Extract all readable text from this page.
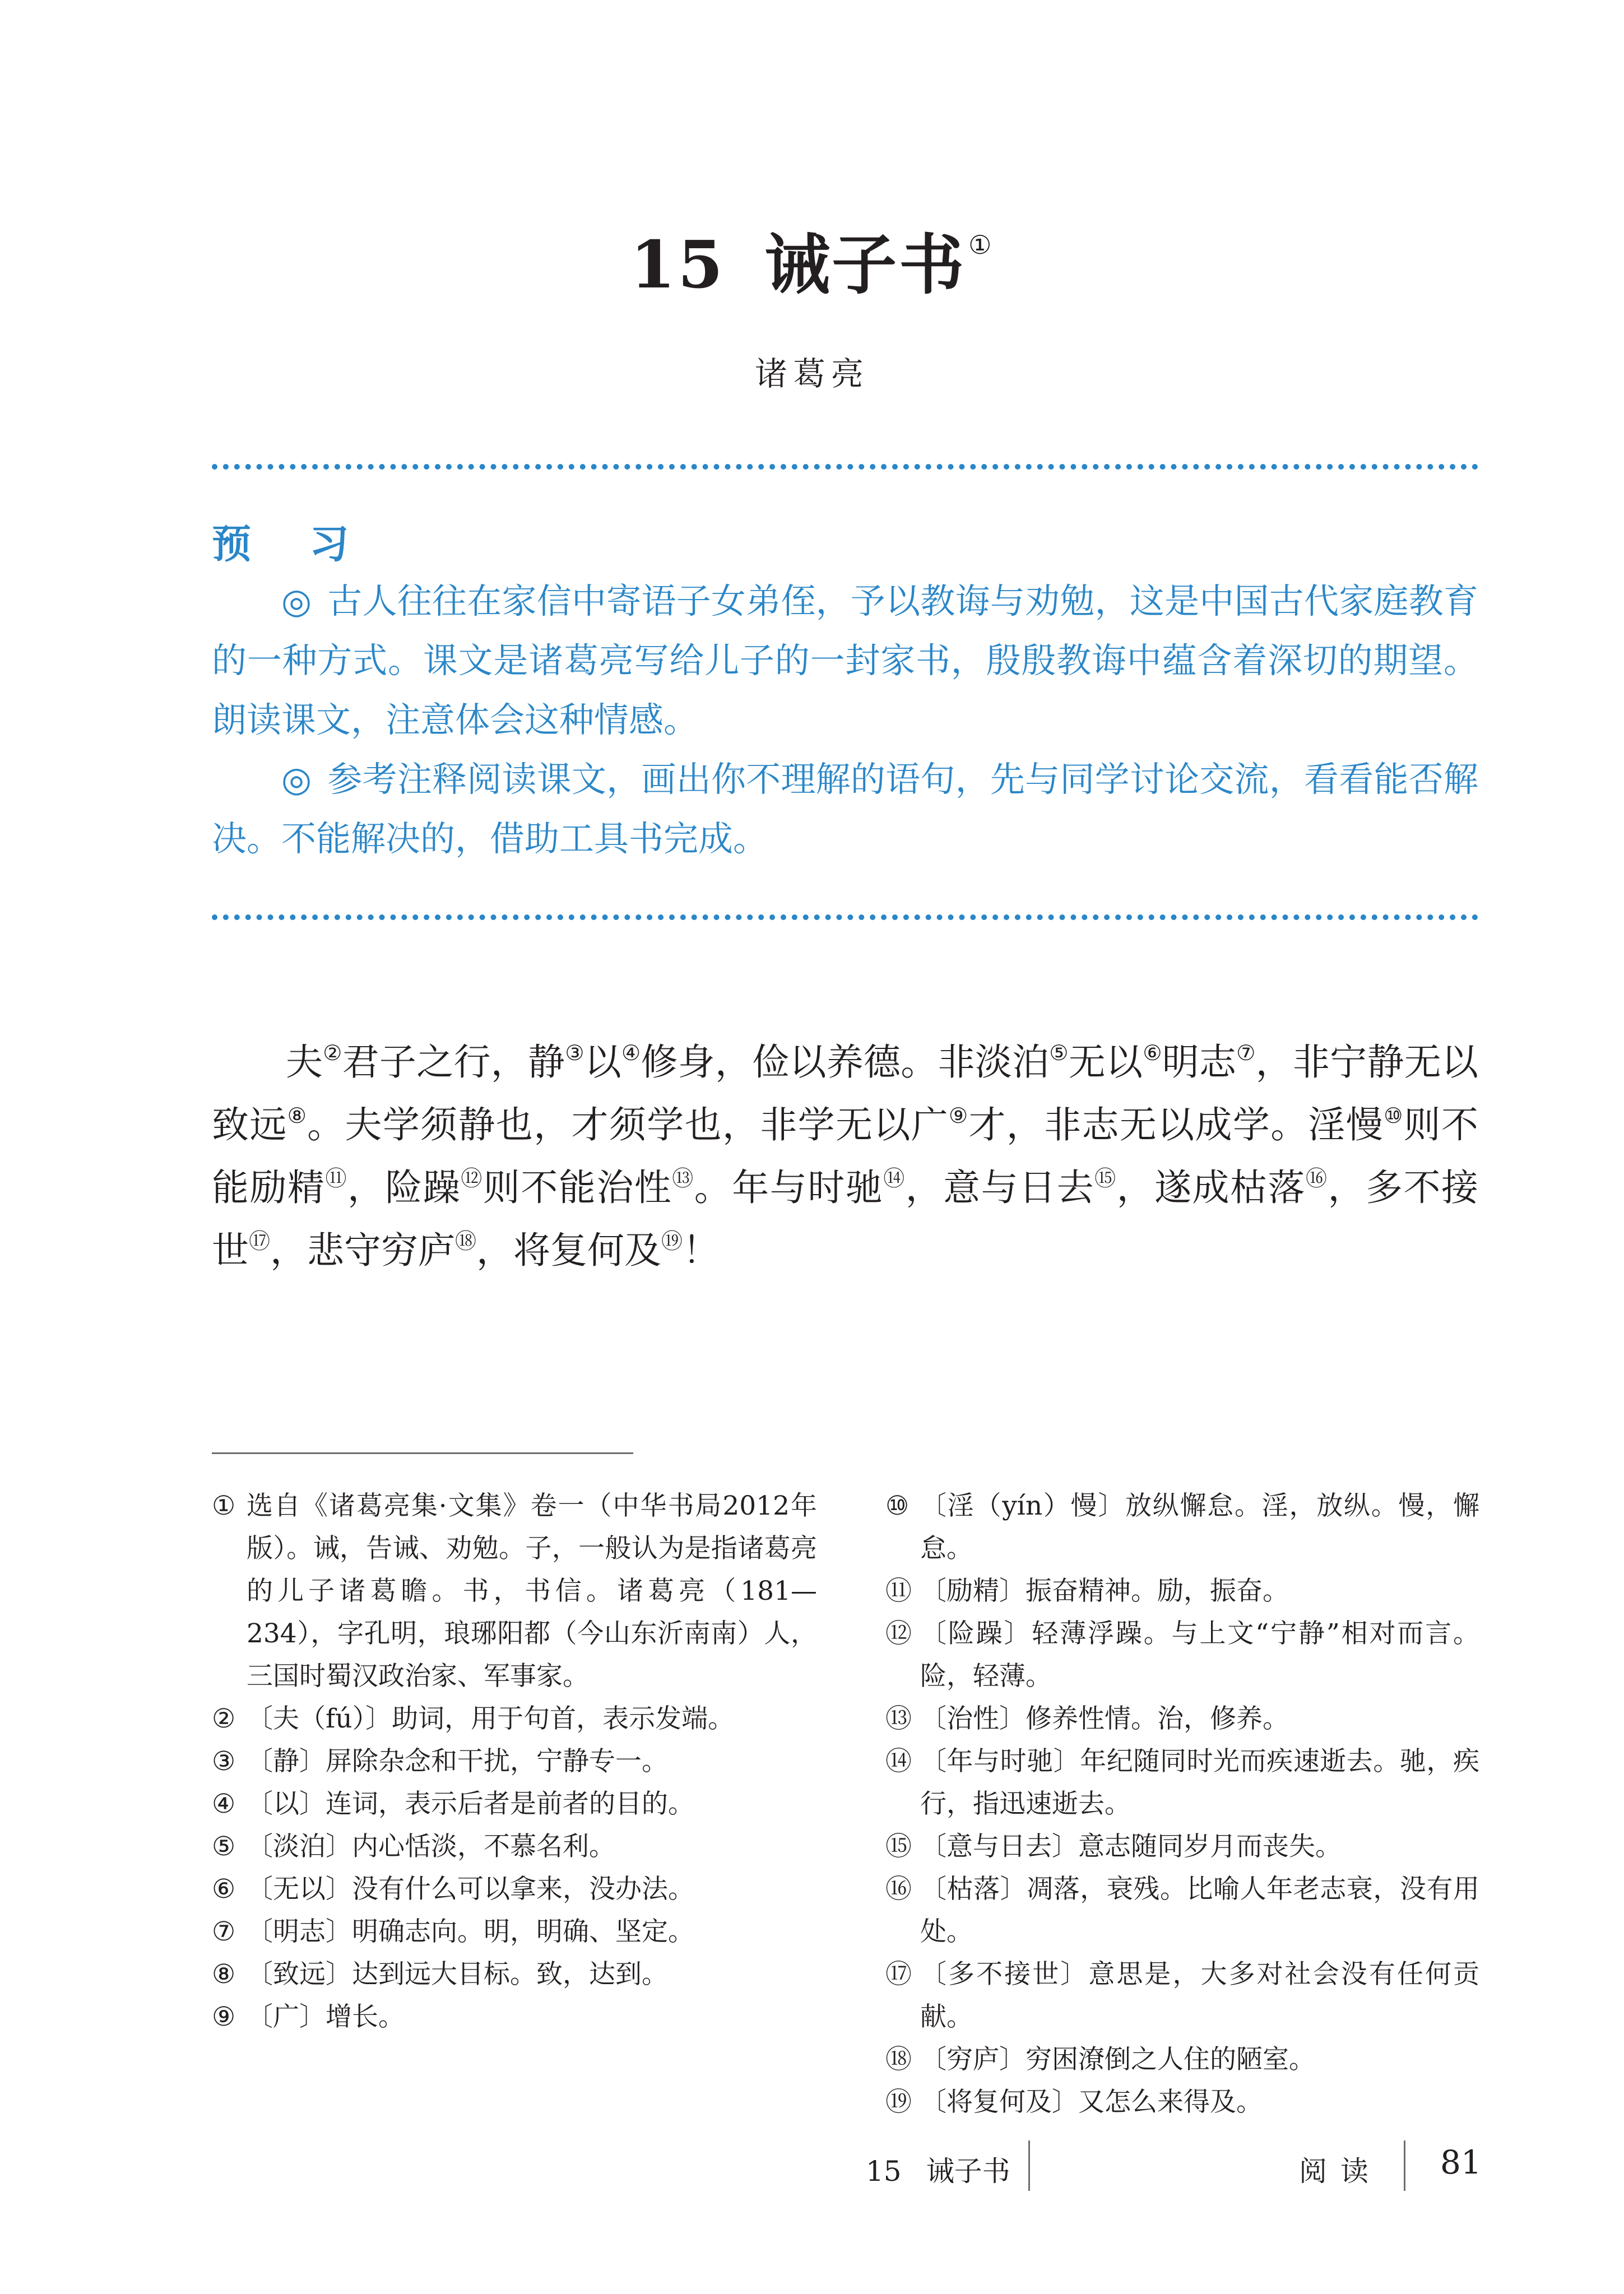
15 诫子书①
诸葛亮
预 习

◎ 古人往往在家信中寄语子女弟侄，予以教诲与劝勉，这是中国古代家庭教育的一种方式。课文是诸葛亮写给儿子的一封家书，殷殷教诲中蕴含着深切的期望。朗读课文，注意体会这种情感。

◎ 参考注释阅读课文，画出你不理解的语句，先与同学讨论交流，看看能否解决。不能解决的，借助工具书完成。

夫②君子之行，静③以④修身，俭以养德。非淡泊⑤无以⑥明志⑦，非宁静无以致远⑧。夫学须静也，才须学也，非学无以广⑨才，非志无以成学。淫慢⑩则不能励精⑪，险躁⑫则不能治性⑬。年与时驰⑭，意与日去⑮，遂成枯落⑯，多不接世⑰，悲守穷庐⑱，将复何及⑲！

① 选自《诸葛亮集·文集》卷一（中华书局2012年版）。诫，告诫、劝勉。子，一般认为是指诸葛亮的儿子诸葛瞻。书，书信。诸葛亮（181—234），字孔明，琅琊阳都（今山东沂南南）人，三国时蜀汉政治家、军事家。
② 〔夫（fú）〕助词，用于句首，表示发端。
③ 〔静〕屏除杂念和干扰，宁静专一。
④ 〔以〕连词，表示后者是前者的目的。
⑤ 〔淡泊〕内心恬淡，不慕名利。
⑥ 〔无以〕没有什么可以拿来，没办法。
⑦ 〔明志〕明确志向。明，明确、坚定。
⑧ 〔致远〕达到远大目标。致，达到。
⑨ 〔广〕增长。
⑩ 〔淫（yín）慢〕放纵懈怠。淫，放纵。慢，懈怠。
⑪ 〔励精〕振奋精神。励，振奋。
⑫ 〔险躁〕轻薄浮躁。与上文“宁静”相对而言。险，轻薄。
⑬ 〔治性〕修养性情。治，修养。
⑭ 〔年与时驰〕年纪随同时光而疾速逝去。驰，疾行，指迅速逝去。
⑮ 〔意与日去〕意志随同岁月而丧失。
⑯ 〔枯落〕凋落，衰残。比喻人年老志衰，没有用处。
⑰ 〔多不接世〕意思是，大多对社会没有任何贡献。
⑱ 〔穷庐〕穷困潦倒之人住的陋室。
⑲ 〔将复何及〕又怎么来得及。
15 诫子书	阅读 81
